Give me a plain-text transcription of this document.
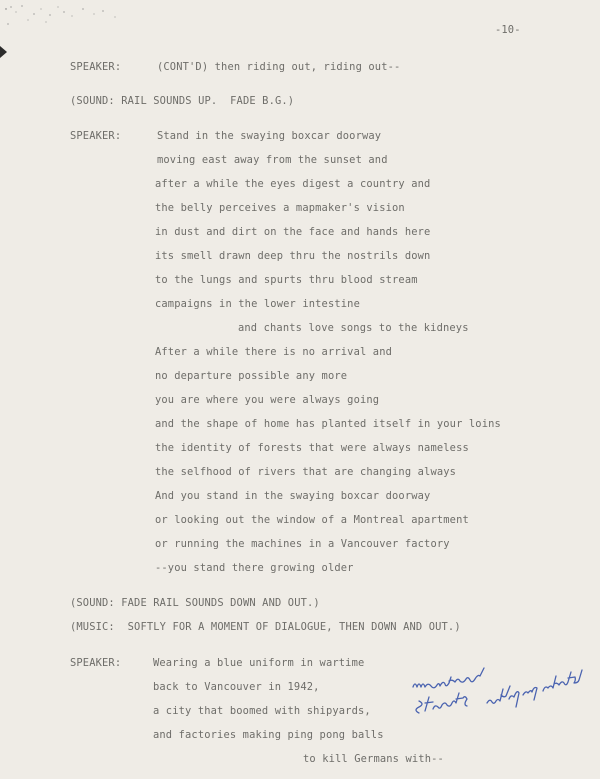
-10-
SPEAKER:	(CONT'D) then riding out, riding out--
(SOUND: RAIL SOUNDS UP.  FADE B.G.)
SPEAKER:	Stand in the swaying boxcar doorway
moving east away from the sunset and
after a while the eyes digest a country and
the belly perceives a mapmaker's vision
in dust and dirt on the face and hands here
its smell drawn deep thru the nostrils down
to the lungs and spurts thru blood stream
campaigns in the lower intestine
and chants love songs to the kidneys
After a while there is no arrival and
no departure possible any more
you are where you were always going
and the shape of home has planted itself in your loins
the identity of forests that were always nameless
the selfhood of rivers that are changing always
And you stand in the swaying boxcar doorway
or looking out the window of a Montreal apartment
or running the machines in a Vancouver factory
--you stand there growing older
(SOUND: FADE RAIL SOUNDS DOWN AND OUT.)
(MUSIC:  SOFTLY FOR A MOMENT OF DIALOGUE, THEN DOWN AND OUT.)
SPEAKER:	Wearing a blue uniform in wartime
back to Vancouver in 1942,
a city that boomed with shipyards,
and factories making ping pong balls
to kill Germans with--
